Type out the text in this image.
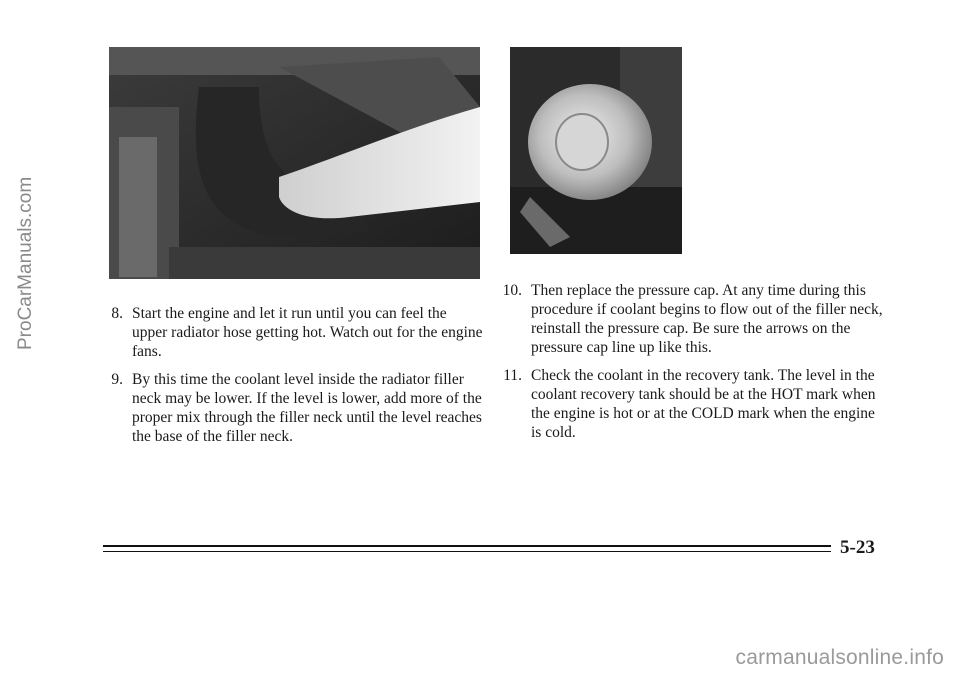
8. Start the engine and let it run until you can feel the upper radiator hose getting hot. Watch out for the engine fans.
9. By this time the coolant level inside the radiator filler neck may be lower. If the level is lower, add more of the proper mix through the filler neck until the level reaches the base of the filler neck.
10. Then replace the pressure cap. At any time during this procedure if coolant begins to flow out of the filler neck, reinstall the pressure cap. Be sure the arrows on the pressure cap line up like this.
11. Check the coolant in the recovery tank. The level in the coolant recovery tank should be at the HOT mark when the engine is hot or at the COLD mark when the engine is cold.
5-23
ProCarManuals.com
carmanualsonline.info
